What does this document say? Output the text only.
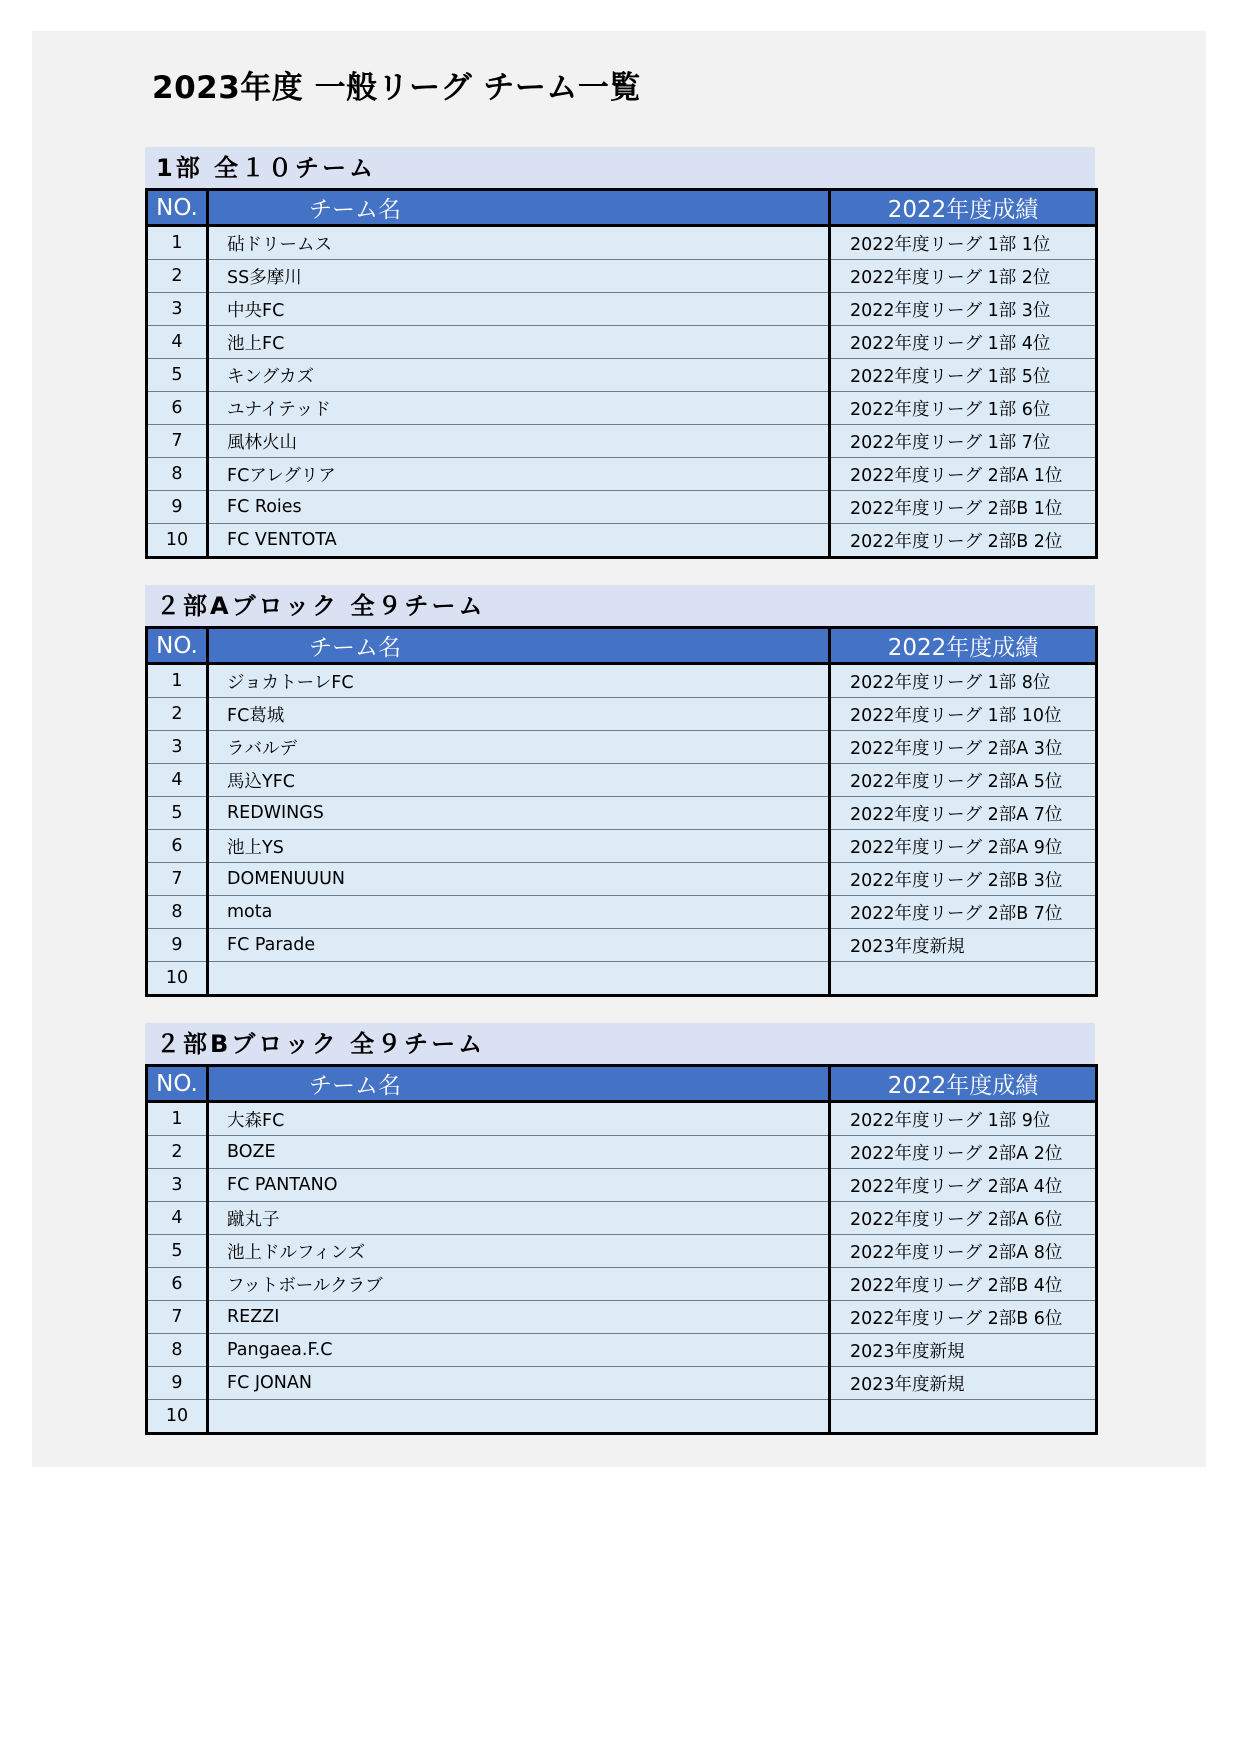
2023年度 一般リーグ チーム一覧
1部 全１０チーム
NO.	チーム名	2022年度成績
1	砧ドリームス	2022年度リーグ 1部 1位
2	SS多摩川	2022年度リーグ 1部 2位
3	中央FC	2022年度リーグ 1部 3位
4	池上FC	2022年度リーグ 1部 4位
5	キングカズ	2022年度リーグ 1部 5位
6	ユナイテッド	2022年度リーグ 1部 6位
7	風林火山	2022年度リーグ 1部 7位
8	FCアレグリア	2022年度リーグ 2部A 1位
9	FC Roies	2022年度リーグ 2部B 1位
10	FC VENTOTA	2022年度リーグ 2部B 2位
２部Aブロック 全９チーム
NO.	チーム名	2022年度成績
1	ジョカトーレFC	2022年度リーグ 1部 8位
2	FC葛城	2022年度リーグ 1部 10位
3	ラバルデ	2022年度リーグ 2部A 3位
4	馬込YFC	2022年度リーグ 2部A 5位
5	REDWINGS	2022年度リーグ 2部A 7位
6	池上YS	2022年度リーグ 2部A 9位
7	DOMENUUUN	2022年度リーグ 2部B 3位
8	mota	2022年度リーグ 2部B 7位
9	FC Parade	2023年度新規
10		
２部Bブロック 全９チーム
NO.	チーム名	2022年度成績
1	大森FC	2022年度リーグ 1部 9位
2	BOZE	2022年度リーグ 2部A 2位
3	FC PANTANO	2022年度リーグ 2部A 4位
4	蹴丸子	2022年度リーグ 2部A 6位
5	池上ドルフィンズ	2022年度リーグ 2部A 8位
6	フットボールクラブ	2022年度リーグ 2部B 4位
7	REZZI	2022年度リーグ 2部B 6位
8	Pangaea.F.C	2023年度新規
9	FC JONAN	2023年度新規
10		
